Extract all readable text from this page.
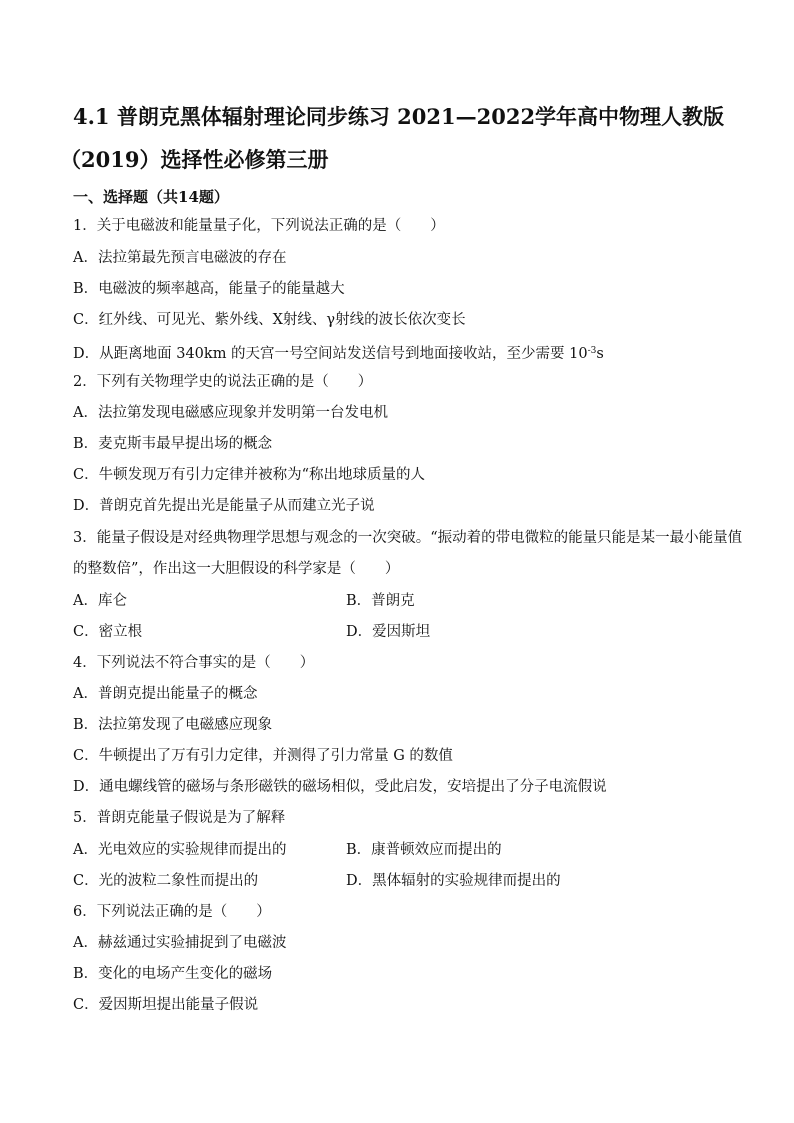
4.1 普朗克黑体辐射理论同步练习 2021—2022学年高中物理人教版
（2019）选择性必修第三册
一、选择题（共14题）
1．关于电磁波和能量量子化，下列说法正确的是（　　）
A．法拉第最先预言电磁波的存在
B．电磁波的频率越高，能量子的能量越大
C．红外线、可见光、紫外线、X射线、γ射线的波长依次变长
D．从距离地面 340km 的天宫一号空间站发送信号到地面接收站，至少需要 $10^{-3}s$
2．下列有关物理学史的说法正确的是（　　）
A．法拉第发现电磁感应现象并发明第一台发电机
B．麦克斯韦最早提出场的概念
C．牛顿发现万有引力定律并被称为“称出地球质量的人
D．普朗克首先提出光是能量子从而建立光子说
3．能量子假设是对经典物理学思想与观念的一次突破。“振动着的带电微粒的能量只能是某一最小能量值
的整数倍”，作出这一大胆假设的科学家是（　　）
A．库仑	B．普朗克
C．密立根	D．爱因斯坦
4．下列说法不符合事实的是（　　）
A．普朗克提出能量子的概念
B．法拉第发现了电磁感应现象
C．牛顿提出了万有引力定律，并测得了引力常量 G 的数值
D．通电螺线管的磁场与条形磁铁的磁场相似，受此启发，安培提出了分子电流假说
5．普朗克能量子假说是为了解释
A．光电效应的实验规律而提出的	B．康普顿效应而提出的
C．光的波粒二象性而提出的	D．黑体辐射的实验规律而提出的
6．下列说法正确的是（　　）
A．赫兹通过实验捕捉到了电磁波
B．变化的电场产生变化的磁场
C．爱因斯坦提出能量子假说
